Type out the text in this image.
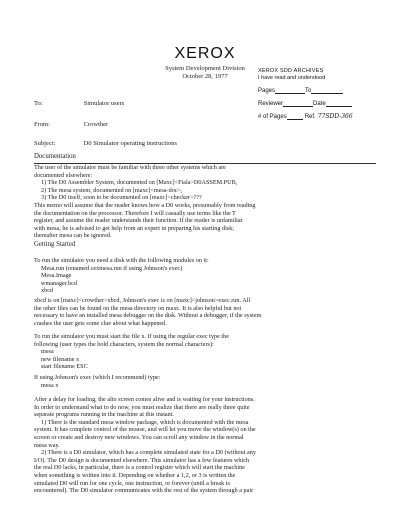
XEROX
System Development Division
October 28, 1977
XEROX SDD ARCHIVES
I have read and understood
Pages	To
Reviewer	Date
# of Pages	Ref. 77SDD-366
To:	Simulator users
From:	Crowther
Subject:	D0 Simulator operating instructions
Documentation
The user of the simulator must be familiar with three other systems which are
documented elsewhere:
1) The D0 Assembler System, documented on [Maxc]<Fiala>D0ASSEM.PUB,
2) The mesa system, documented on [maxc]<mesa-doc>,
3) The D0 itself, soon to be documented on [maxc]<checker>???
This memo will assume that the reader knows how a D0 works, presumably from reading
the documentation on the processor. Therefore I will casually use terms like the T
register, and assume the reader understands their function. If the reader is unfamiliar
with mesa, he is advised to get help from an expert in preparing his starting disk;
thereafter mesa can be ignored.
Getting Started
To run the simulator you need a disk with the following modules on it:
Mesa.run (renamed cexmesa.run if using Johnson's exec)
Mesa.Image
wmanager.bcd
xbcd
xbcd is on [maxc]<crowther>xbcd, Johnson's exec is on [maxc]<johnson>exec.run. All
the other files can be found on the mesa directory on maxc. It is also helpful but not
necessary to have an installed mesa debugger on the disk. Without a debugger, if the system
crashes the user gets some clue about what happened.
To run the simulator you must start the file x. If using the regular exec type the
following (user types the bold characters, system the normal characters):
mesa
new filename x
start filename ESC
If using Johnson's exec (which I recommend) type:
mesa x
After a delay for loading, the alto screen comes alive and is waiting for your instructions.
In order to understand what to do now, you must realize that there are really three quite
separate programs running in the machine at this instant.
1) There is the standard mesa window package, which is documented with the mesa
system. It has complete control of the mouse, and will let you move the window(s) on the
screen or create and destroy new windows. You can scroll any window in the normal
mesa way.
2) There is a D0 simulator, which has a complete simulated state for a D0 (without any
I/O). The D0 design is documented elsewhere. This simulator has a few features which
the real D0 lacks, in particular, there is a control register which will start the machine
when something is written into it. Depending on whether a 1,2, or 3 is written the
simulated D0 will run for one cycle, one instruction, or forever (until a break is
encountered). The D0 simulator communicates with the rest of the system through a pair
